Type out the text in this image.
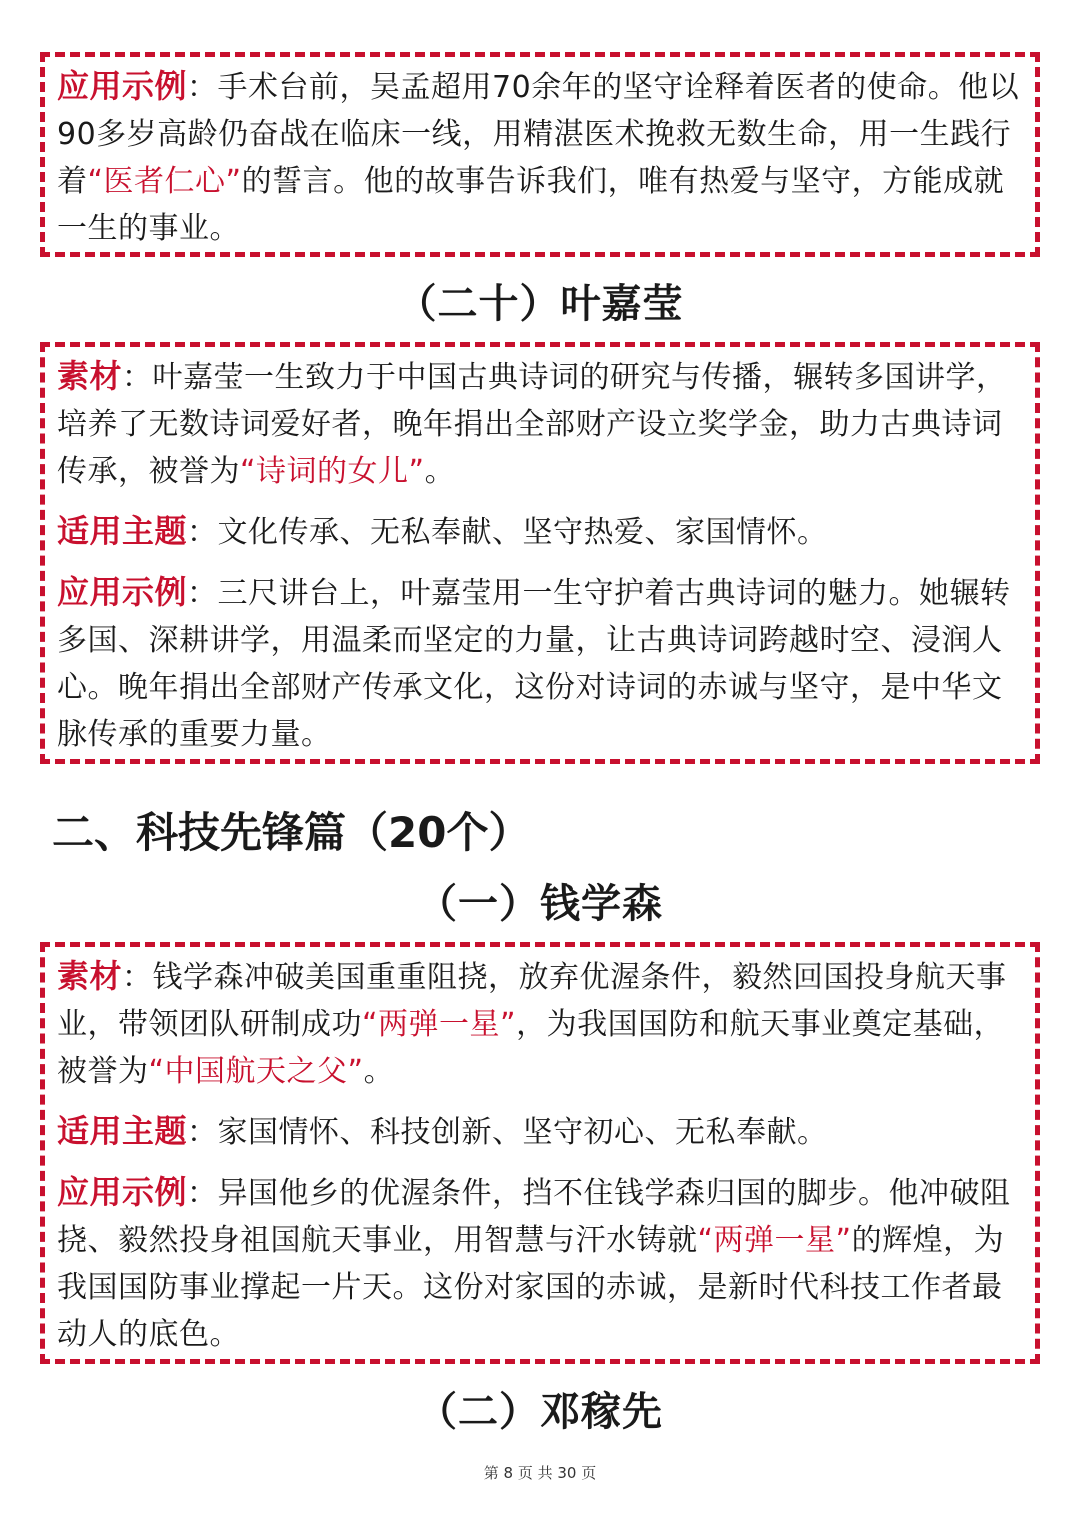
应用示例：手术台前，吴孟超用70余年的坚守诠释着医者的使命。他以90多岁高龄仍奋战在临床一线，用精湛医术挽救无数生命，用一生践行着“医者仁心”的誓言。他的故事告诉我们，唯有热爱与坚守，方能成就一生的事业。

（二十）叶嘉莹

素材：叶嘉莹一生致力于中国古典诗词的研究与传播，辗转多国讲学，培养了无数诗词爱好者，晚年捐出全部财产设立奖学金，助力古典诗词传承，被誉为“诗词的女儿”。

适用主题：文化传承、无私奉献、坚守热爱、家国情怀。

应用示例：三尺讲台上，叶嘉莹用一生守护着古典诗词的魅力。她辗转多国、深耕讲学，用温柔而坚定的力量，让古典诗词跨越时空、浸润人心。晚年捐出全部财产传承文化，这份对诗词的赤诚与坚守，是中华文脉传承的重要力量。

二、科技先锋篇（20个）
（一）钱学森

素材：钱学森冲破美国重重阻挠，放弃优渥条件，毅然回国投身航天事业，带领团队研制成功“两弹一星”，为我国国防和航天事业奠定基础，被誉为“中国航天之父”。

适用主题：家国情怀、科技创新、坚守初心、无私奉献。

应用示例：异国他乡的优渥条件，挡不住钱学森归国的脚步。他冲破阻挠、毅然投身祖国航天事业，用智慧与汗水铸就“两弹一星”的辉煌，为我国国防事业撑起一片天。这份对家国的赤诚，是新时代科技工作者最动人的底色。

（二）邓稼先
第 8 页 共 30 页
